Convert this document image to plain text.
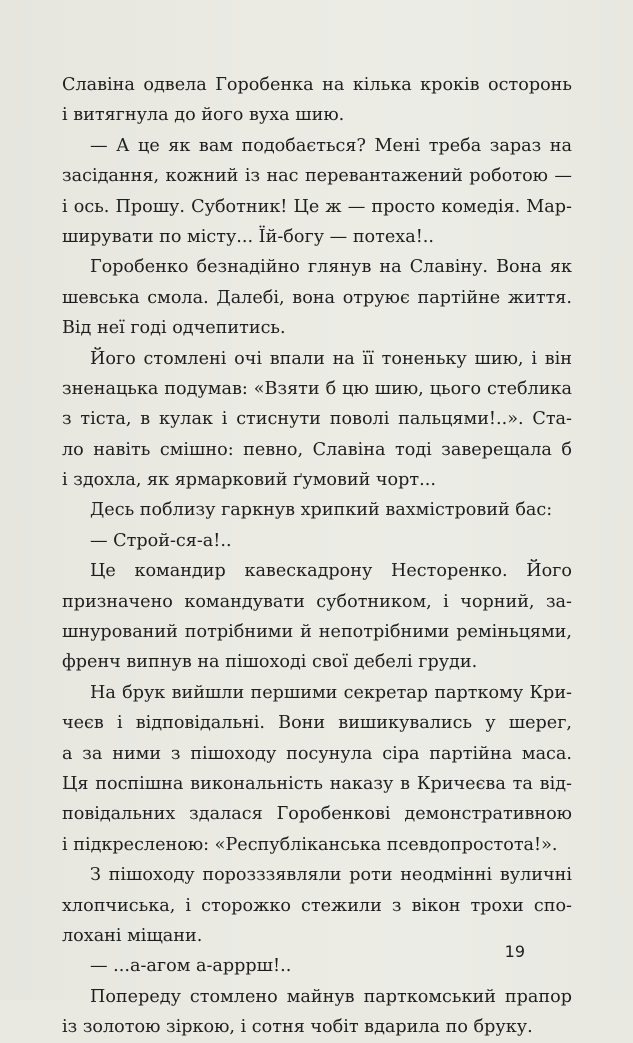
Славіна одвела Горобенка на кілька кроків осторонь
і витягнула до його вуха шию.
— А це як вам подобається? Мені треба зараз на
засідання, кожний із нас перевантажений роботою —
і ось. Прошу. Суботник! Це ж — просто комедія. Мар-
ширувати по місту... Їй-богу — потеха!..
Горобенко безнадійно глянув на Славіну. Вона як
шевська смола. Далебі, вона отруює партійне життя.
Від неї годі одчепитись.
Його стомлені очі впали на її тоненьку шию, і він
зненацька подумав: «Взяти б цю шию, цього стеблика
з тіста, в кулак і стиснути поволі пальцями!..». Ста-
ло навіть смішно: певно, Славіна тоді заверещала б
і здохла, як ярмарковий ґумовий чорт...
Десь поблизу гаркнув хрипкий вахмістровий бас:
— Строй-ся-а!..
Це командир кавескадрону Несторенко. Його
призначено командувати суботником, і чорний, за-
шнурований потрібними й непотрібними реміньцями,
френч випнув на пішоході свої дебелі груди.
На брук вийшли першими секретар парткому Кри-
чеєв і відповідальні. Вони вишикувались у шерег,
а за ними з пішоходу посунула сіра партійна маса.
Ця поспішна викональність наказу в Кричеєва та від-
повідальних здалася Горобенкові демонстративною
і підкресленою: «Республіканська псевдопростота!».
З пішоходу порозззявляли роти неодмінні вуличні
хлопчиська, і сторожко стежили з вікон трохи спо-
лохані міщани.
— ...а-агом а-арррш!..
Попереду стомлено майнув парткомський прапор
із золотою зіркою, і сотня чобіт вдарила по бруку.
19
